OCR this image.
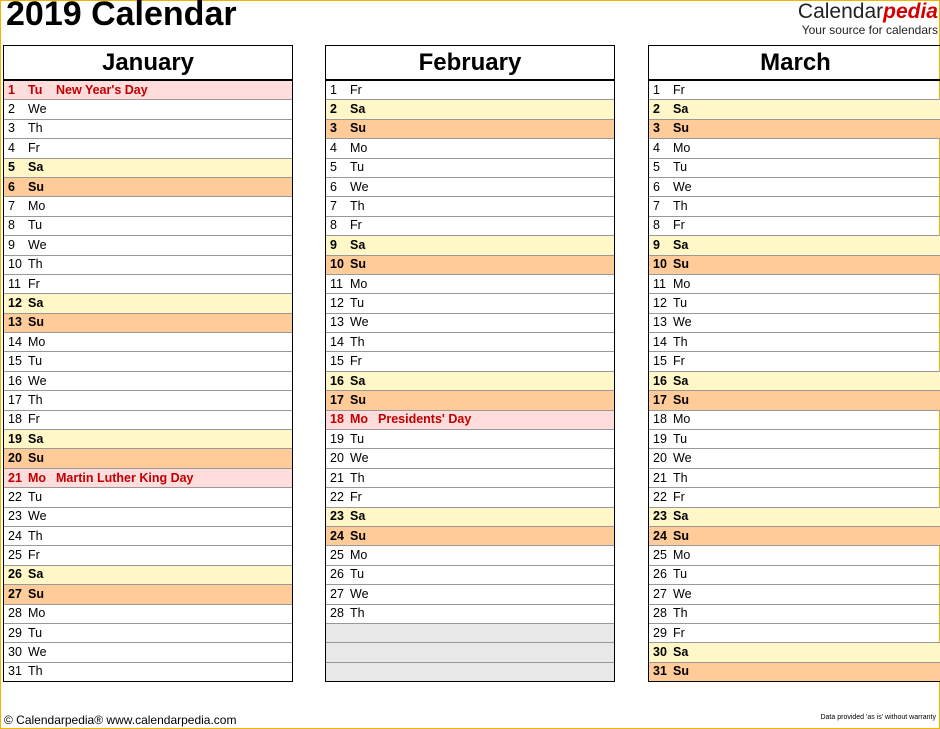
2019 Calendar	Calendarpedia
Your source for calendars
January
1	Tu	New Year's Day
2	We
3	Th
4	Fr
5	Sa
6	Su
7	Mo
8	Tu
9	We
10 Th
11 Fr
12 Sa
13 Su
14 Mo
15 Tu
16 We
17 Th
18 Fr
19 Sa
20 Su
21 Mo Martin Luther King Day
22 Tu
23 We
24 Th
25 Fr
26 Sa
27 Su
28 Mo
29 Tu
30 We
31 Th
February
1	Fr
2	Sa
3	Su
4	Mo
5	Tu
6	We
7	Th
8	Fr
9	Sa
10 Su
11 Mo
12 Tu
13 We
14 Th
15 Fr
16 Sa
17 Su
18 Mo Presidents' Day
19 Tu
20 We
21 Th
22 Fr
23 Sa
24 Su
25 Mo
26 Tu
27 We
28 Th
March
1	Fr
2	Sa
3	Su
4	Mo
5	Tu
6	We
7	Th
8	Fr
9	Sa
10 Su
11 Mo
12 Tu
13 We
14 Th
15 Fr
16 Sa
17 Su
18 Mo
19 Tu
20 We
21 Th
22 Fr
23 Sa
24 Su
25 Mo
26 Tu
27 We
28 Th
29 Fr
30 Sa
31 Su
© Calendarpedia® www.calendarpedia.com	Data provided 'as is' without warranty
